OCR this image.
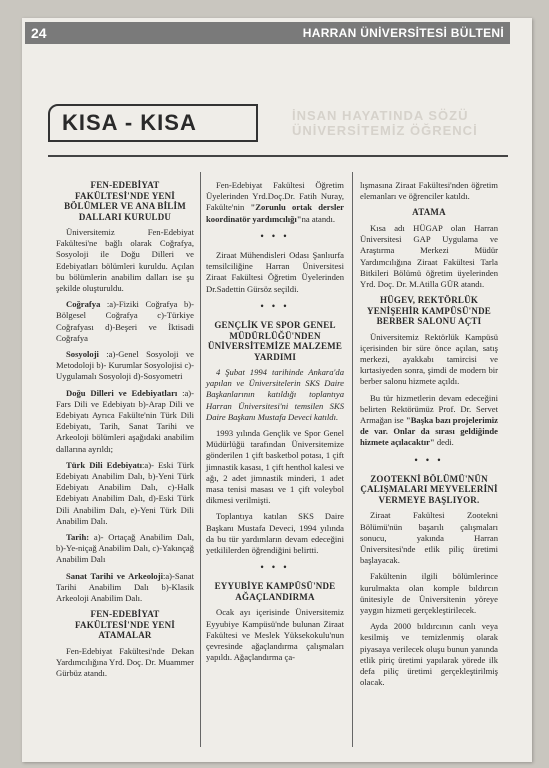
24	HARRAN ÜNİVERSİTESİ BÜLTENİ
KISA - KISA	İNSAN HAYATINDA SÖZÜ ÜNİVERSİTEMİZ ÖĞRENCİ
FEN-EDEBİYAT FAKÜLTESİ'NDE YENİ BÖLÜMLER VE ANA BİLİM DALLARI KURULDU

Üniversitemiz Fen-Edebiyat Fakültesi'ne bağlı olarak Coğrafya, Sosyoloji ile Doğu Dilleri ve Edebiyatları bölümleri kuruldu. Açılan bu bölümlerin anabilim dalları ise şu şekilde oluşturuldu.

Coğrafya :a)-Fiziki Coğrafya b)- Bölgesel Coğrafya c)-Türkiye Coğrafyası d)-Beşeri ve İktisadi Coğrafya

Sosyoloji :a)-Genel Sosyoloji ve Metodoloji b)- Kurumlar Sosyolojisi c)-Uygulamalı Sosyoloji d)-Sosyometri

Doğu Dilleri ve Edebiyatları :a)-Fars Dili ve Edebiyatı b)-Arap Dili ve Edebiyatı Ayrıca Fakülte'nin Türk Dili Edebiyatı, Tarih, Sanat Tarihi ve Arkeoloji bölümleri aşağıdaki anabilim dallarına ayrıldı;

Türk Dili Edebiyatı:a)- Eski Türk Edebiyatı Anabilim Dalı, b)-Yeni Türk Edebiyatı Anabilim Dalı, c)-Halk Edebiyatı Anabilim Dalı, d)-Eski Türk Dili Anabilim Dalı, e)-Yeni Türk Dili Anabilim Dalı.

Tarih: a)- Ortaçağ Anabilim Dalı, b)-Ye-niçağ Anabilim Dalı, c)-Yakınçağ Anabilim Dalı

Sanat Tarihi ve Arkeoloji:a)-Sanat Tarihi Anabilim Dalı b)-Klasik Arkeoloji Anabilim Dalı.

FEN-EDEBİYAT FAKÜLTESİ'NDE YENİ ATAMALAR

Fen-Edebiyat Fakültesi'nde Dekan Yardımcılığına Yrd. Doç. Dr. Muammer Gürbüz atandı.

Fen-Edebiyat Fakültesi Öğretim Üyelerinden Yrd.Doç.Dr. Fatih Nuray, Fakülte'nin "Zorunlu ortak dersler koordinatör yardımcılığı"na atandı.

• • •

Ziraat Mühendisleri Odası Şanlıurfa temsilciliğine Harran Üniversitesi Ziraat Fakültesi Öğretim Üyelerinden Dr.Sadettin Gürsöz seçildi.

• • •
GENÇLİK VE SPOR GENEL MÜDÜRLÜĞÜ'NDEN ÜNİVERSİTEMİZE MALZEME YARDIMI

4 Şubat 1994 tarihinde Ankara'da yapılan ve Üniversitelerin SKS Daire Başkanlarının katıldığı toplantıya Harran Üniversitesi'ni temsilen SKS Daire Başkanı Mustafa Deveci katıldı.

1993 yılında Gençlik ve Spor Genel Müdürlüğü tarafından Üniversitemize gönderilen 1 çift basketbol potası, 1 çift jimnastik kasası, 1 çift henthol kalesi ve ağı, 2 adet jimnastik minderi, 1 adet masa tenisi masası ve 1 çift voleybol dikmesi verilmişti.

Toplantıya katılan SKS Daire Başkanı Mustafa Deveci, 1994 yılında da bu tür yardımların devam edeceğini yetkililerden öğrendiğini belirtti.

• • •
EYYUBİYE KAMPÜSÜ'NDE AĞAÇLANDIRMA

Ocak ayı içerisinde Üniversitemiz Eyyubiye Kampüsü'nde bulunan Ziraat Fakültesi ve Meslek Yüksekokulu'nun çevresinde ağaçlandırma çalışmaları yapıldı. Ağaçlandırma ça-

lışmasına Ziraat Fakültesi'nden öğretim elemanları ve öğrenciler katıldı.

ATAMA

Kısa adı HÜGAP olan Harran Üniversitesi GAP Uygulama ve Araştırma Merkezi Müdür Yardımcılığına Ziraat Fakültesi Tarla Bitkileri Bölümü öğretim üyelerinden Yrd. Doç. Dr. M.Atilla GÜR atandı.

HÜGEV, REKTÖRLÜK YENİŞEHİR KAMPÜSÜ'NDE BERBER SALONU AÇTI

Üniversitemiz Rektörlük Kampüsü içerisinden bir süre önce açılan, satış merkezi, ayakkabı tamircisi ve kırtasiyeden sonra, şimdi de modern bir berber salonu hizmete açıldı.

Bu tür hizmetlerin devam edeceğini belirten Rektörümüz Prof. Dr. Servet Armağan ise "Başka bazı projelerimiz de var. Onlar da sırası geldiğinde hizmete açılacaktır" dedi.

• • •
ZOOTEKNİ BÖLÜMÜ'NÜN ÇALIŞMALARI MEYVELERİNİ VERMEYE BAŞLIYOR.

Ziraat Fakültesi Zootekni Bölümü'nün başarılı çalışmaları sonucu, yakında Harran Üniversitesi'nde etlik piliç üretimi başlayacak.

Fakültenin ilgili bölümlerince kurulmakta olan komple bıldırcın ünitesiyle de Üniversitenin yöreye yaygın hizmeti gerçekleştirilecek.

Ayda 2000 bıldırcının canlı veya kesilmiş ve temizlenmiş olarak piyasaya verilecek oluşu bunun yanında etlik piriç üretimi yapılarak yörede ilk defa piliç üretimi gerçekleştirilmiş olacak.
